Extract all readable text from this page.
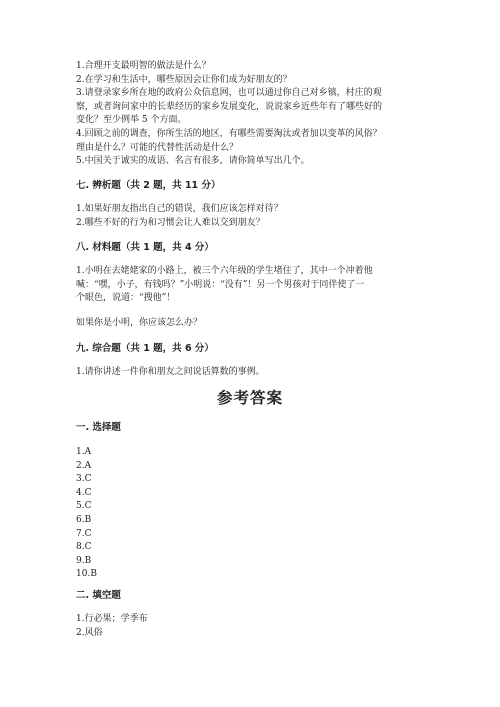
1.合理开支最明智的做法是什么？
2.在学习和生活中，哪些原因会让你们成为好朋友的？
3.请登录家乡所在地的政府公众信息网，也可以通过你自己对乡镇，村庄的观
察，或者询问家中的长辈经历的家乡发展变化，说说家乡近些年有了哪些好的
变化？至少例举 5 个方面。
4.回顾之前的调查，你所生活的地区，有哪些需要淘汰或者加以变革的风俗？
理由是什么？可能的代替性活动是什么？
5.中国关于诚实的成语、名言有很多，请你简单写出几个。
七. 辨析题（共 2 题，共 11 分）
1.如果好朋友指出自己的错误，我们应该怎样对待？
2.哪些不好的行为和习惯会让人难以交到朋友？
八. 材料题（共 1 题，共 4 分）
1.小明在去姥姥家的小路上，被三个六年级的学生堵住了，其中一个冲着他
喊：“嘿，小子，有钱吗？”小明说：“没有”！另一个男孩对于同伴使了一
个眼色，说道：“搜他”！
如果你是小明，你应该怎么办？
九. 综合题（共 1 题，共 6 分）
1.请你讲述一件你和朋友之间说话算数的事例。
参考答案
一. 选择题
1.A
2.A
3.C
4.C
5.C
6.B
7.C
8.C
9.B
10.B
二. 填空题
1.行必果；学季布
2.风俗
